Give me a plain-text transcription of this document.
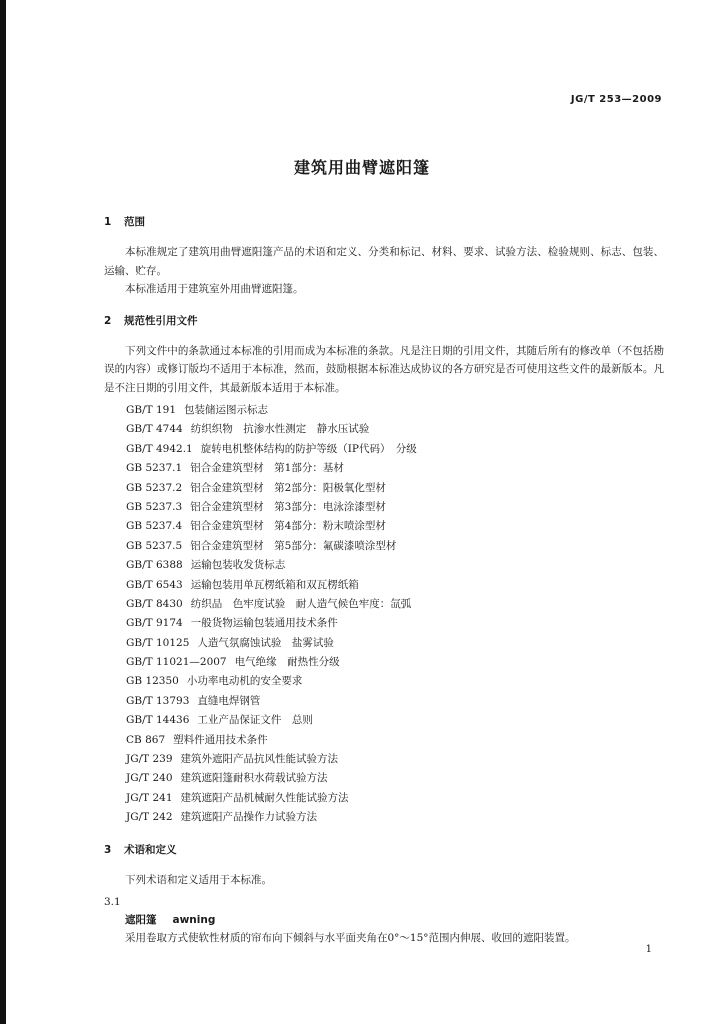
JG/T 253—2009
建筑用曲臂遮阳篷
1 范围

本标准规定了建筑用曲臂遮阳篷产品的术语和定义、分类和标记、材料、要求、试验方法、检验规则、标志、包装、运输、贮存。

本标准适用于建筑室外用曲臂遮阳篷。

2 规范性引用文件

下列文件中的条款通过本标准的引用而成为本标准的条款。凡是注日期的引用文件，其随后所有的修改单（不包括勘误的内容）或修订版均不适用于本标准，然而，鼓励根据本标准达成协议的各方研究是否可使用这些文件的最新版本。凡是不注日期的引用文件，其最新版本适用于本标准。

GB/T 191 包装储运图示标志
GB/T 4744 纺织织物　抗渗水性测定　静水压试验
GB/T 4942.1 旋转电机整体结构的防护等级（IP代码）　分级
GB 5237.1 铝合金建筑型材　第1部分：基材
GB 5237.2 铝合金建筑型材　第2部分：阳极氧化型材
GB 5237.3 铝合金建筑型材　第3部分：电泳涂漆型材
GB 5237.4 铝合金建筑型材　第4部分：粉末喷涂型材
GB 5237.5 铝合金建筑型材　第5部分：氟碳漆喷涂型材
GB/T 6388 运输包装收发货标志
GB/T 6543 运输包装用单瓦楞纸箱和双瓦楞纸箱
GB/T 8430 纺织品　色牢度试验　耐人造气候色牢度：氙弧
GB/T 9174 一般货物运输包装通用技术条件
GB/T 10125 人造气氛腐蚀试验　盐雾试验
GB/T 11021—2007 电气绝缘　耐热性分级
GB 12350 小功率电动机的安全要求
GB/T 13793 直缝电焊钢管
GB/T 14436 工业产品保证文件　总则
CB 867 塑料件通用技术条件
JG/T 239 建筑外遮阳产品抗风性能试验方法
JG/T 240 建筑遮阳篷耐积水荷载试验方法
JG/T 241 建筑遮阳产品机械耐久性能试验方法
JG/T 242 建筑遮阳产品操作力试验方法
3 术语和定义

下列术语和定义适用于本标准。

3.1
遮阳篷 awning

采用卷取方式使软性材质的帘布向下倾斜与水平面夹角在0°～15°范围内伸展、收回的遮阳装置。

1
